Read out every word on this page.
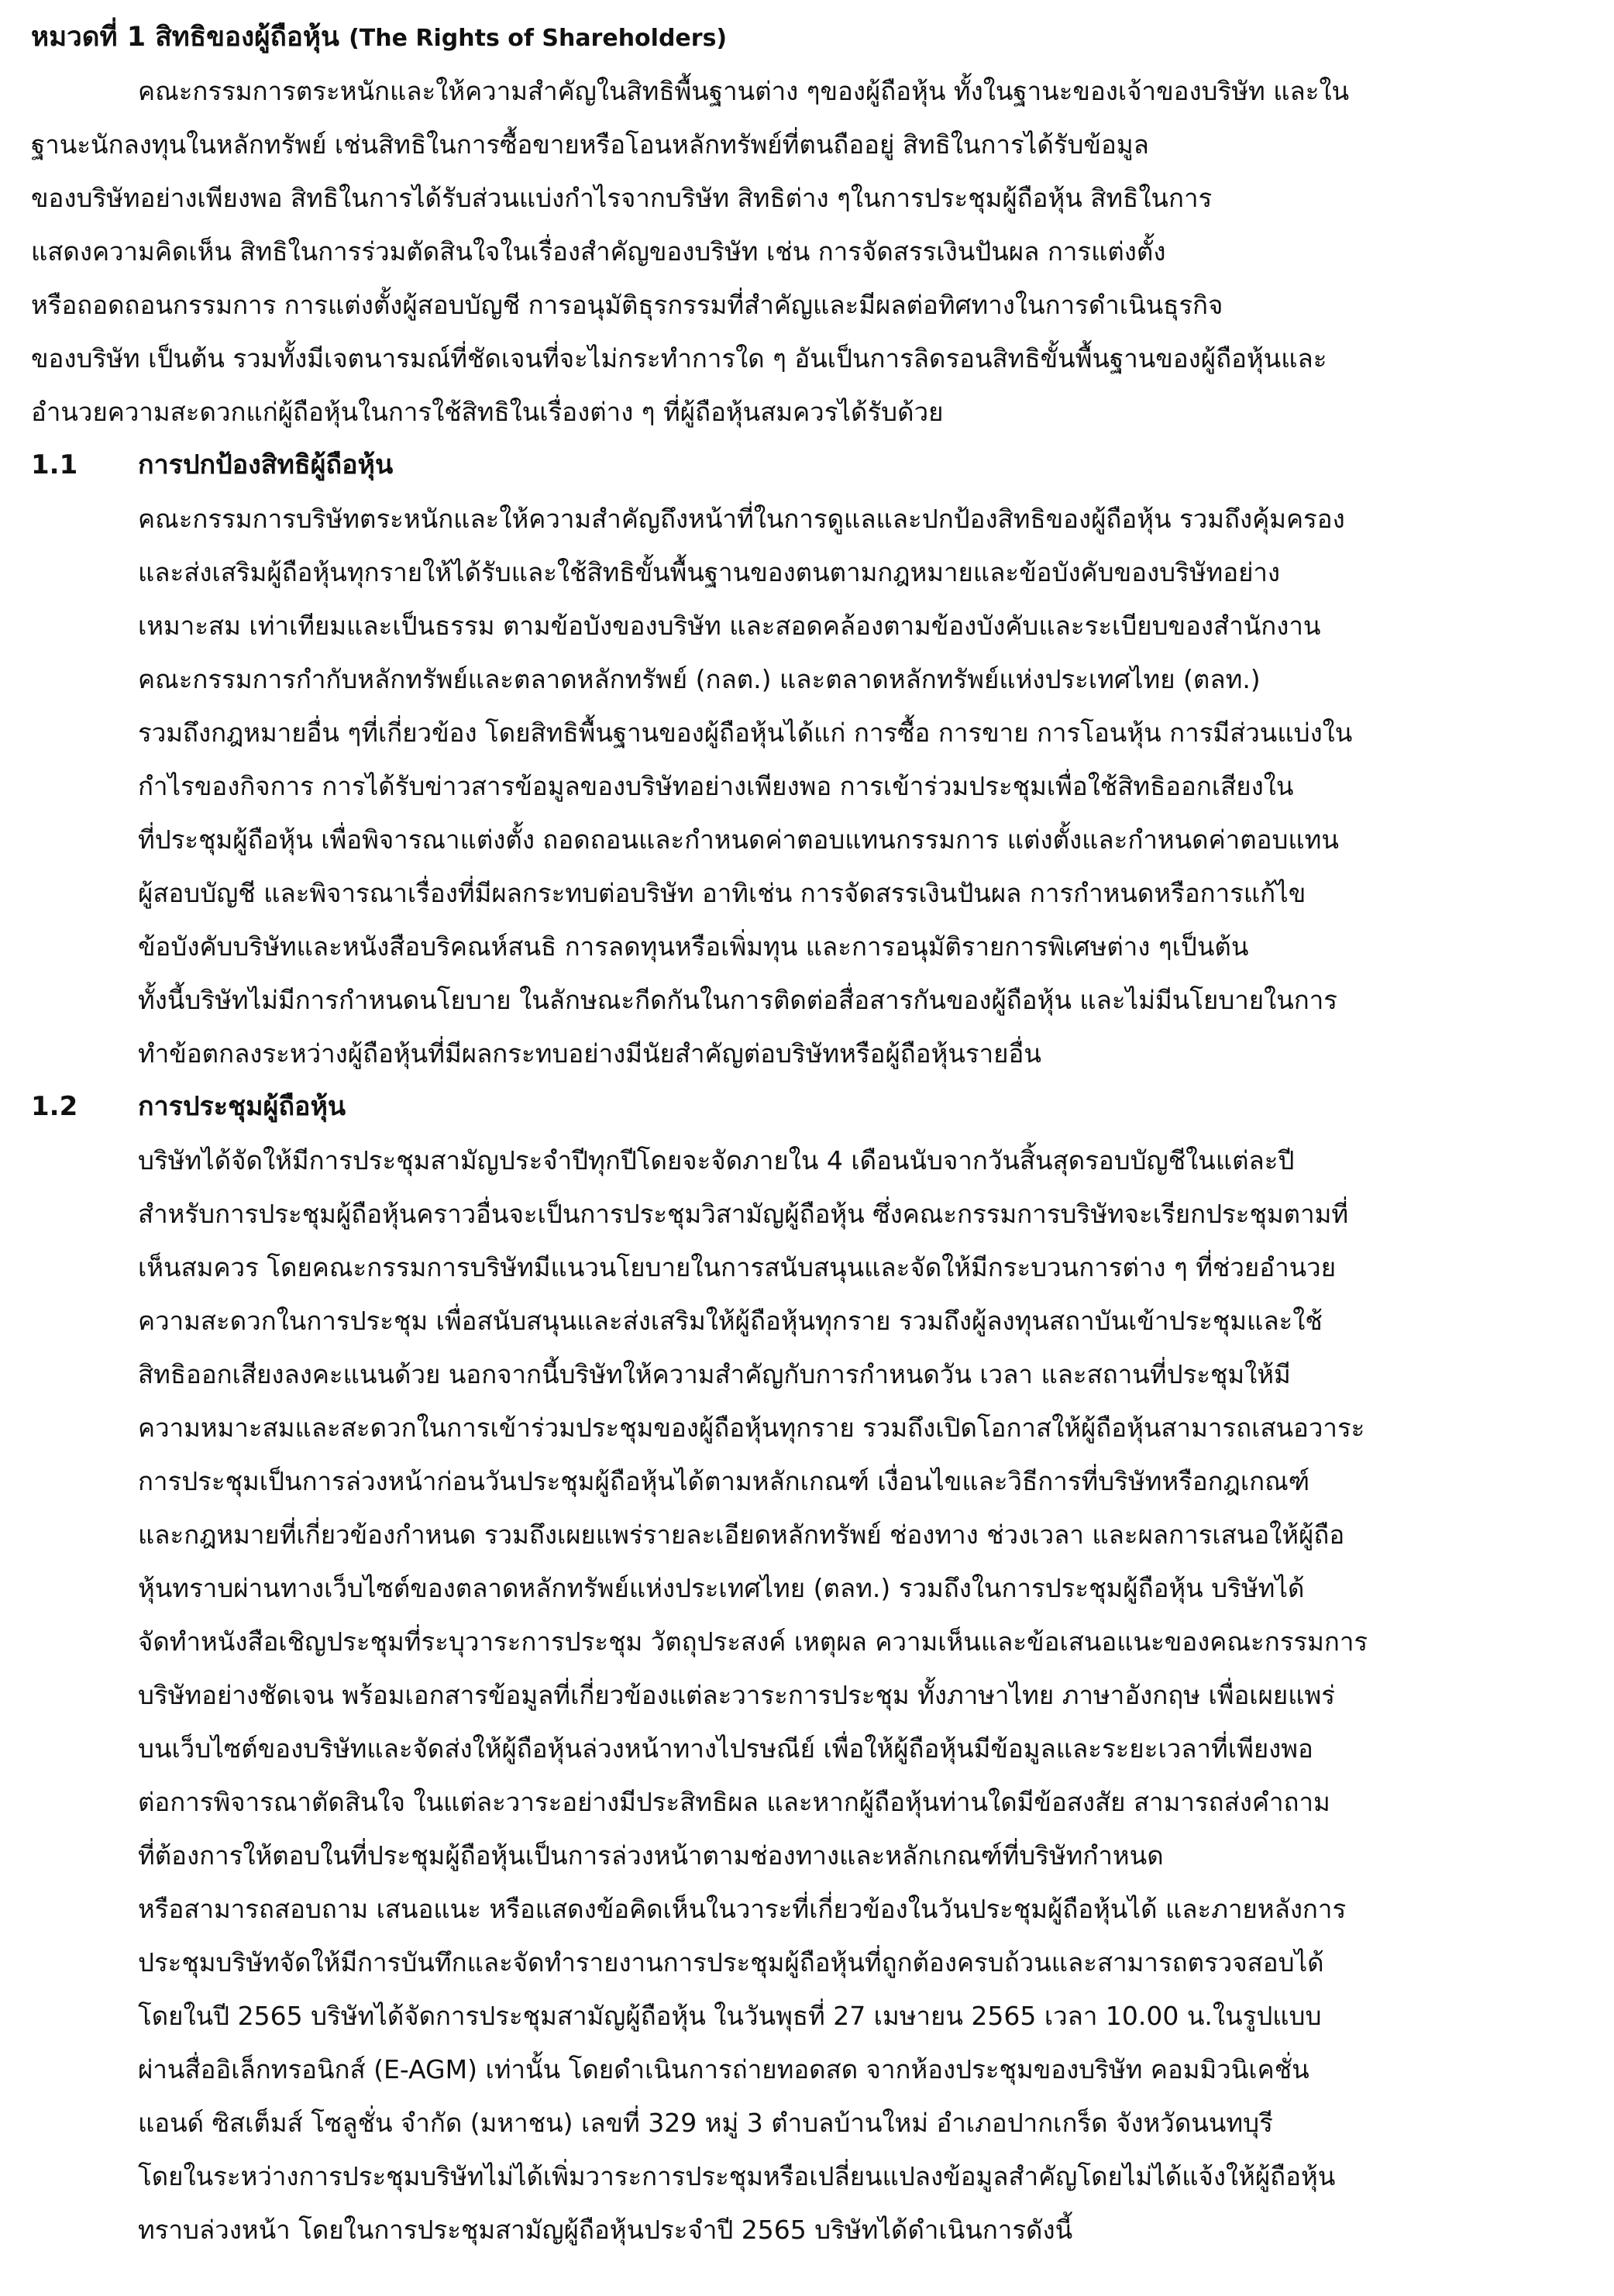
หมวดที่ 1 สิทธิของผู้ถือหุ้น (The Rights of Shareholders)
คณะกรรมการตระหนักและให้ความสำคัญในสิทธิพื้นฐานต่าง ๆของผู้ถือหุ้น ทั้งในฐานะของเจ้าของบริษัท และใน
ฐานะนักลงทุนในหลักทรัพย์ เช่นสิทธิในการซื้อขายหรือโอนหลักทรัพย์ที่ตนถืออยู่ สิทธิในการได้รับข้อมูล
ของบริษัทอย่างเพียงพอ สิทธิในการได้รับส่วนแบ่งกำไรจากบริษัท สิทธิต่าง ๆในการประชุมผู้ถือหุ้น สิทธิในการ
แสดงความคิดเห็น สิทธิในการร่วมตัดสินใจในเรื่องสำคัญของบริษัท เช่น การจัดสรรเงินปันผล การแต่งตั้ง
หรือถอดถอนกรรมการ การแต่งตั้งผู้สอบบัญชี การอนุมัติธุรกรรมที่สำคัญและมีผลต่อทิศทางในการดำเนินธุรกิจ
ของบริษัท เป็นต้น รวมทั้งมีเจตนารมณ์ที่ชัดเจนที่จะไม่กระทำการใด ๆ อันเป็นการลิดรอนสิทธิขั้นพื้นฐานของผู้ถือหุ้นและ
อำนวยความสะดวกแก่ผู้ถือหุ้นในการใช้สิทธิในเรื่องต่าง ๆ ที่ผู้ถือหุ้นสมควรได้รับด้วย
1.1 การปกป้องสิทธิผู้ถือหุ้น
คณะกรรมการบริษัทตระหนักและให้ความสำคัญถึงหน้าที่ในการดูแลและปกป้องสิทธิของผู้ถือหุ้น รวมถึงคุ้มครอง
และส่งเสริมผู้ถือหุ้นทุกรายให้ได้รับและใช้สิทธิขั้นพื้นฐานของตนตามกฎหมายและข้อบังคับของบริษัทอย่าง
เหมาะสม เท่าเทียมและเป็นธรรม ตามข้อบังของบริษัท และสอดคล้องตามข้องบังคับและระเบียบของสำนักงาน
คณะกรรมการกำกับหลักทรัพย์และตลาดหลักทรัพย์ (กลต.) และตลาดหลักทรัพย์แห่งประเทศไทย (ตลท.)
รวมถึงกฎหมายอื่น ๆที่เกี่ยวข้อง โดยสิทธิพื้นฐานของผู้ถือหุ้นได้แก่ การซื้อ การขาย การโอนหุ้น การมีส่วนแบ่งใน
กำไรของกิจการ การได้รับข่าวสารข้อมูลของบริษัทอย่างเพียงพอ การเข้าร่วมประชุมเพื่อใช้สิทธิออกเสียงใน
ที่ประชุมผู้ถือหุ้น เพื่อพิจารณาแต่งตั้ง ถอดถอนและกำหนดค่าตอบแทนกรรมการ แต่งตั้งและกำหนดค่าตอบแทน
ผู้สอบบัญชี และพิจารณาเรื่องที่มีผลกระทบต่อบริษัท อาทิเช่น การจัดสรรเงินปันผล การกำหนดหรือการแก้ไข
ข้อบังคับบริษัทและหนังสือบริคณห์สนธิ การลดทุนหรือเพิ่มทุน และการอนุมัติรายการพิเศษต่าง ๆเป็นต้น
ทั้งนี้บริษัทไม่มีการกำหนดนโยบาย ในลักษณะกีดกันในการติดต่อสื่อสารกันของผู้ถือหุ้น และไม่มีนโยบายในการ
ทำข้อตกลงระหว่างผู้ถือหุ้นที่มีผลกระทบอย่างมีนัยสำคัญต่อบริษัทหรือผู้ถือหุ้นรายอื่น
1.2 การประชุมผู้ถือหุ้น
บริษัทได้จัดให้มีการประชุมสามัญประจำปีทุกปีโดยจะจัดภายใน 4 เดือนนับจากวันสิ้นสุดรอบบัญชีในแต่ละปี
สำหรับการประชุมผู้ถือหุ้นคราวอื่นจะเป็นการประชุมวิสามัญผู้ถือหุ้น ซึ่งคณะกรรมการบริษัทจะเรียกประชุมตามที่
เห็นสมควร โดยคณะกรรมการบริษัทมีแนวนโยบายในการสนับสนุนและจัดให้มีกระบวนการต่าง ๆ ที่ช่วยอำนวย
ความสะดวกในการประชุม เพื่อสนับสนุนและส่งเสริมให้ผู้ถือหุ้นทุกราย รวมถึงผู้ลงทุนสถาบันเข้าประชุมและใช้
สิทธิออกเสียงลงคะแนนด้วย นอกจากนี้บริษัทให้ความสำคัญกับการกำหนดวัน เวลา และสถานที่ประชุมให้มี
ความหมาะสมและสะดวกในการเข้าร่วมประชุมของผู้ถือหุ้นทุกราย รวมถึงเปิดโอกาสให้ผู้ถือหุ้นสามารถเสนอวาระ
การประชุมเป็นการล่วงหน้าก่อนวันประชุมผู้ถือหุ้นได้ตามหลักเกณฑ์ เงื่อนไขและวิธีการที่บริษัทหรือกฎเกณฑ์
และกฎหมายที่เกี่ยวข้องกำหนด รวมถึงเผยแพร่รายละเอียดหลักทรัพย์ ช่องทาง ช่วงเวลา และผลการเสนอให้ผู้ถือ
หุ้นทราบผ่านทางเว็บไซต์ของตลาดหลักทรัพย์แห่งประเทศไทย (ตลท.) รวมถึงในการประชุมผู้ถือหุ้น บริษัทได้
จัดทำหนังสือเชิญประชุมที่ระบุวาระการประชุม วัตถุประสงค์ เหตุผล ความเห็นและข้อเสนอแนะของคณะกรรมการ
บริษัทอย่างชัดเจน พร้อมเอกสารข้อมูลที่เกี่ยวข้องแต่ละวาระการประชุม ทั้งภาษาไทย ภาษาอังกฤษ เพื่อเผยแพร่
บนเว็บไซต์ของบริษัทและจัดส่งให้ผู้ถือหุ้นล่วงหน้าทางไปรษณีย์ เพื่อให้ผู้ถือหุ้นมีข้อมูลและระยะเวลาที่เพียงพอ
ต่อการพิจารณาตัดสินใจ ในแต่ละวาระอย่างมีประสิทธิผล และหากผู้ถือหุ้นท่านใดมีข้อสงสัย สามารถส่งคำถาม
ที่ต้องการให้ตอบในที่ประชุมผู้ถือหุ้นเป็นการล่วงหน้าตามช่องทางและหลักเกณฑ์ที่บริษัทกำหนด
หรือสามารถสอบถาม เสนอแนะ หรือแสดงข้อคิดเห็นในวาระที่เกี่ยวข้องในวันประชุมผู้ถือหุ้นได้ และภายหลังการ
ประชุมบริษัทจัดให้มีการบันทึกและจัดทำรายงานการประชุมผู้ถือหุ้นที่ถูกต้องครบถ้วนและสามารถตรวจสอบได้
โดยในปี 2565 บริษัทได้จัดการประชุมสามัญผู้ถือหุ้น ในวันพุธที่ 27 เมษายน 2565 เวลา 10.00 น.ในรูปแบบ
ผ่านสื่ออิเล็กทรอนิกส์ (E-AGM) เท่านั้น โดยดำเนินการถ่ายทอดสด จากห้องประชุมของบริษัท คอมมิวนิเคชั่น
แอนด์ ซิสเต็มส์ โซลูชั่น จำกัด (มหาชน) เลขที่ 329 หมู่ 3 ตำบลบ้านใหม่ อำเภอปากเกร็ด จังหวัดนนทบุรี
โดยในระหว่างการประชุมบริษัทไม่ได้เพิ่มวาระการประชุมหรือเปลี่ยนแปลงข้อมูลสำคัญโดยไม่ได้แจ้งให้ผู้ถือหุ้น
ทราบล่วงหน้า โดยในการประชุมสามัญผู้ถือหุ้นประจำปี 2565 บริษัทได้ดำเนินการดังนี้
